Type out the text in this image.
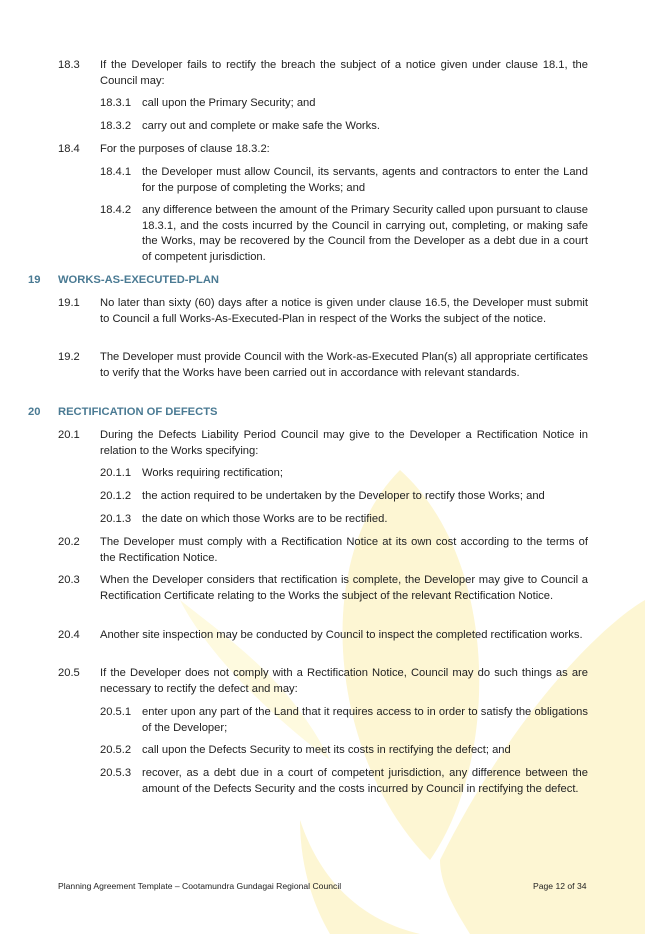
18.3 If the Developer fails to rectify the breach the subject of a notice given under clause 18.1, the Council may:
18.3.1 call upon the Primary Security; and
18.3.2 carry out and complete or make safe the Works.
18.4 For the purposes of clause 18.3.2:
18.4.1 the Developer must allow Council, its servants, agents and contractors to enter the Land for the purpose of completing the Works; and
18.4.2 any difference between the amount of the Primary Security called upon pursuant to clause 18.3.1, and the costs incurred by the Council in carrying out, completing, or making safe the Works, may be recovered by the Council from the Developer as a debt due in a court of competent jurisdiction.
19 WORKS-AS-EXECUTED-PLAN
19.1 No later than sixty (60) days after a notice is given under clause 16.5, the Developer must submit to Council a full Works-As-Executed-Plan in respect of the Works the subject of the notice.
19.2 The Developer must provide Council with the Work-as-Executed Plan(s) all appropriate certificates to verify that the Works have been carried out in accordance with relevant standards.
20 RECTIFICATION OF DEFECTS
20.1 During the Defects Liability Period Council may give to the Developer a Rectification Notice in relation to the Works specifying:
20.1.1 Works requiring rectification;
20.1.2 the action required to be undertaken by the Developer to rectify those Works; and
20.1.3 the date on which those Works are to be rectified.
20.2 The Developer must comply with a Rectification Notice at its own cost according to the terms of the Rectification Notice.
20.3 When the Developer considers that rectification is complete, the Developer may give to Council a Rectification Certificate relating to the Works the subject of the relevant Rectification Notice.
20.4 Another site inspection may be conducted by Council to inspect the completed rectification works.
20.5 If the Developer does not comply with a Rectification Notice, Council may do such things as are necessary to rectify the defect and may:
20.5.1 enter upon any part of the Land that it requires access to in order to satisfy the obligations of the Developer;
20.5.2 call upon the Defects Security to meet its costs in rectifying the defect; and
20.5.3 recover, as a debt due in a court of competent jurisdiction, any difference between the amount of the Defects Security and the costs incurred by Council in rectifying the defect.
Planning Agreement Template – Cootamundra Gundagai Regional Council	Page 12 of 34
